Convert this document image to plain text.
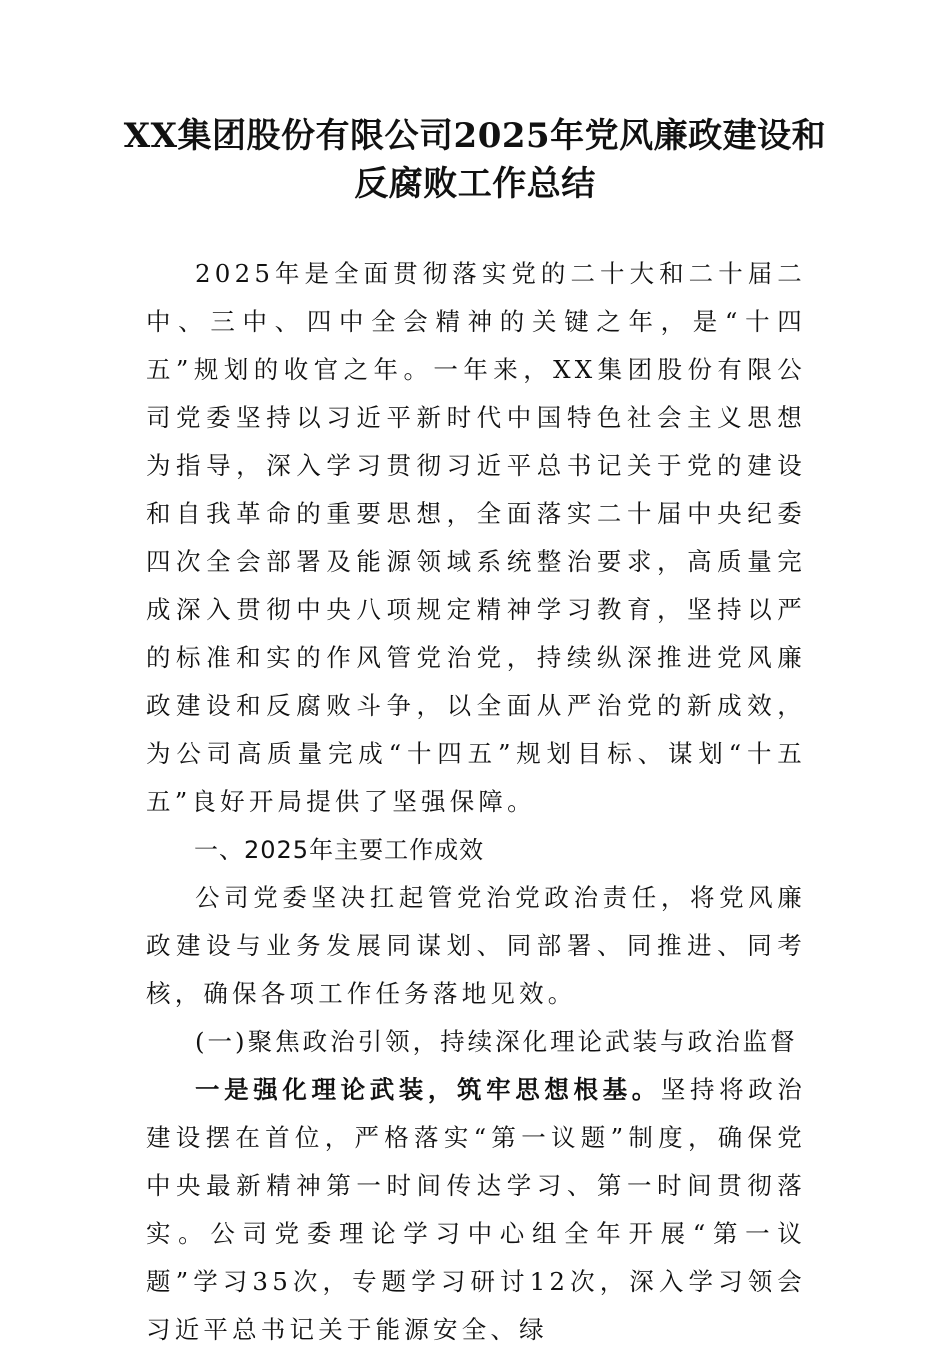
XX集团股份有限公司2025年党风廉政建设和反腐败工作总结

2025年是全面贯彻落实党的二十大和二十届二中、三中、四中全会精神的关键之年，是“十四五”规划的收官之年。一年来，XX集团股份有限公司党委坚持以习近平新时代中国特色社会主义思想为指导，深入学习贯彻习近平总书记关于党的建设和自我革命的重要思想，全面落实二十届中央纪委四次全会部署及能源领域系统整治要求，高质量完成深入贯彻中央八项规定精神学习教育，坚持以严的标准和实的作风管党治党，持续纵深推进党风廉政建设和反腐败斗争，以全面从严治党的新成效，为公司高质量完成“十四五”规划目标、谋划“十五五”良好开局提供了坚强保障。

一、2025年主要工作成效

公司党委坚决扛起管党治党政治责任，将党风廉政建设与业务发展同谋划、同部署、同推进、同考核，确保各项工作任务落地见效。

(一)聚焦政治引领，持续深化理论武装与政治监督

一是强化理论武装，筑牢思想根基。坚持将政治建设摆在首位，严格落实“第一议题”制度，确保党中央最新精神第一时间传达学习、第一时间贯彻落实。公司党委理论学习中心组全年开展“第一议题”学习35次，专题学习研讨12次，深入学习领会习近平总书记关于能源安全、绿
